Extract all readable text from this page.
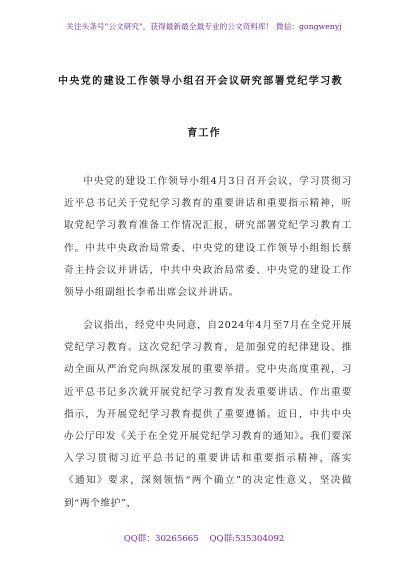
关注头条号"公文研究"，获得最新最全最专业的公文资料库！ 微信：gongwenyj
中央党的建设工作领导小组召开会议研究部署党纪学习教
育工作

中央党的建设工作领导小组4月3日召开会议，学习贯彻习近平总书记关于党纪学习教育的重要讲话和重要指示精神，听取党纪学习教育准备工作情况汇报，研究部署党纪学习教育工作。中共中央政治局常委、中央党的建设工作领导小组组长蔡奇主持会议并讲话，中共中央政治局常委、中央党的建设工作领导小组副组长李希出席会议并讲话。

会议指出，经党中央同意，自2024年4月至7月在全党开展党纪学习教育。这次党纪学习教育，是加强党的纪律建设、推动全面从严治党向纵深发展的重要举措。党中央高度重视，习近平总书记多次就开展党纪学习教育发表重要讲话、作出重要指示，为开展党纪学习教育提供了重要遵循。近日，中共中央办公厅印发《关于在全党开展党纪学习教育的通知》。我们要深入学习贯彻习近平总书记的重要讲话和重要指示精神，落实《通知》要求，深刻领悟“两个确立”的决定性意义，坚决做到“两个维护”，

QQ群：30265665 QQ群:535304092
